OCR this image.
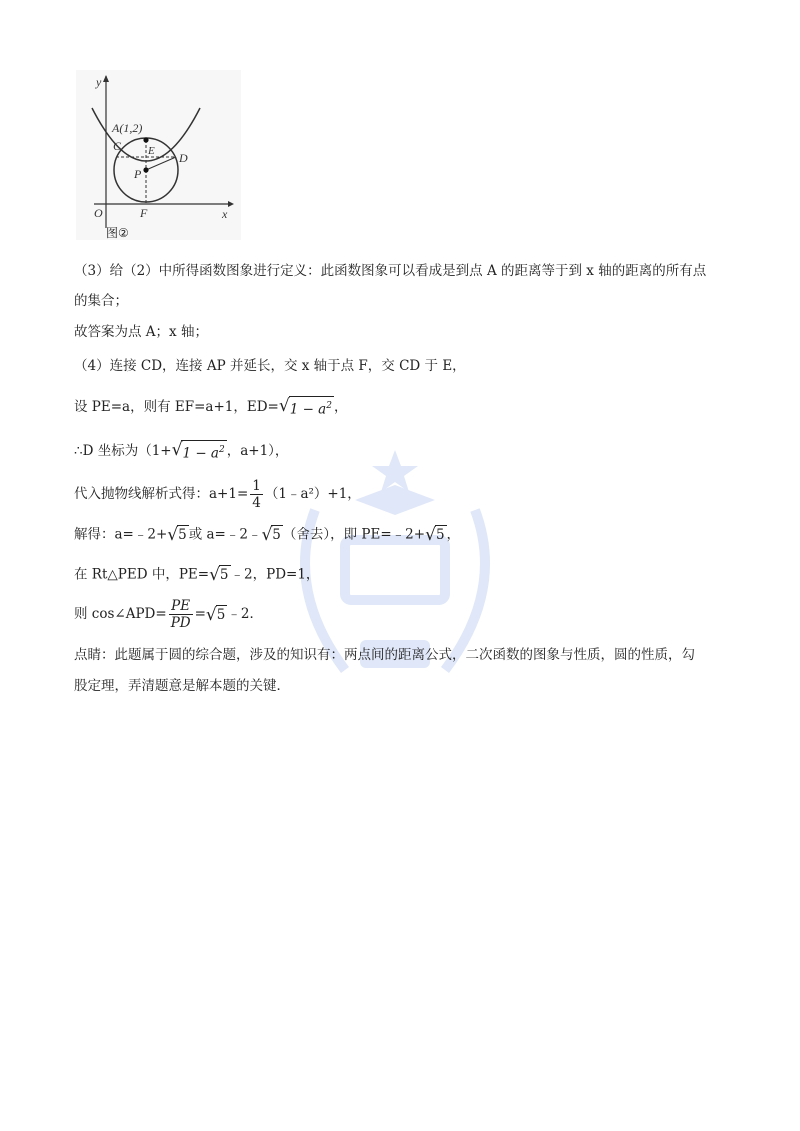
y
x
O
A(1,2)
C E D
P
F
图②
（3）给（2）中所得函数图象进行定义：此函数图象可以看成是到点 A 的距离等于到 x 轴的距离的所有点
的集合；
故答案为点 A；x 轴；
（4）连接 CD，连接 AP 并延长，交 x 轴于点 F，交 CD 于 E，
设 PE=a，则有 EF=a+1，ED= √ $1 - a^2$ ，
∴D 坐标为（1+ √ $1 - a^2$ ，a+1），
代入抛物线解析式得：$a+1= \frac{1}{4}$ （1﹣a²）+1，
解得：a=﹣2+ √ 5 或 a=﹣2﹣ √ 5 （舍去），即 PE=﹣2+ √ 5 ，
在 Rt△PED 中，PE= √ 5 ﹣2，PD=1，
则 cos∠APD= $\frac{PE}{PD}$ = √ 5 ﹣2．
点睛：此题属于圆的综合题，涉及的知识有：两点间的距离公式，二次函数的图象与性质，圆的性质，勾
股定理，弄清题意是解本题的关键．
